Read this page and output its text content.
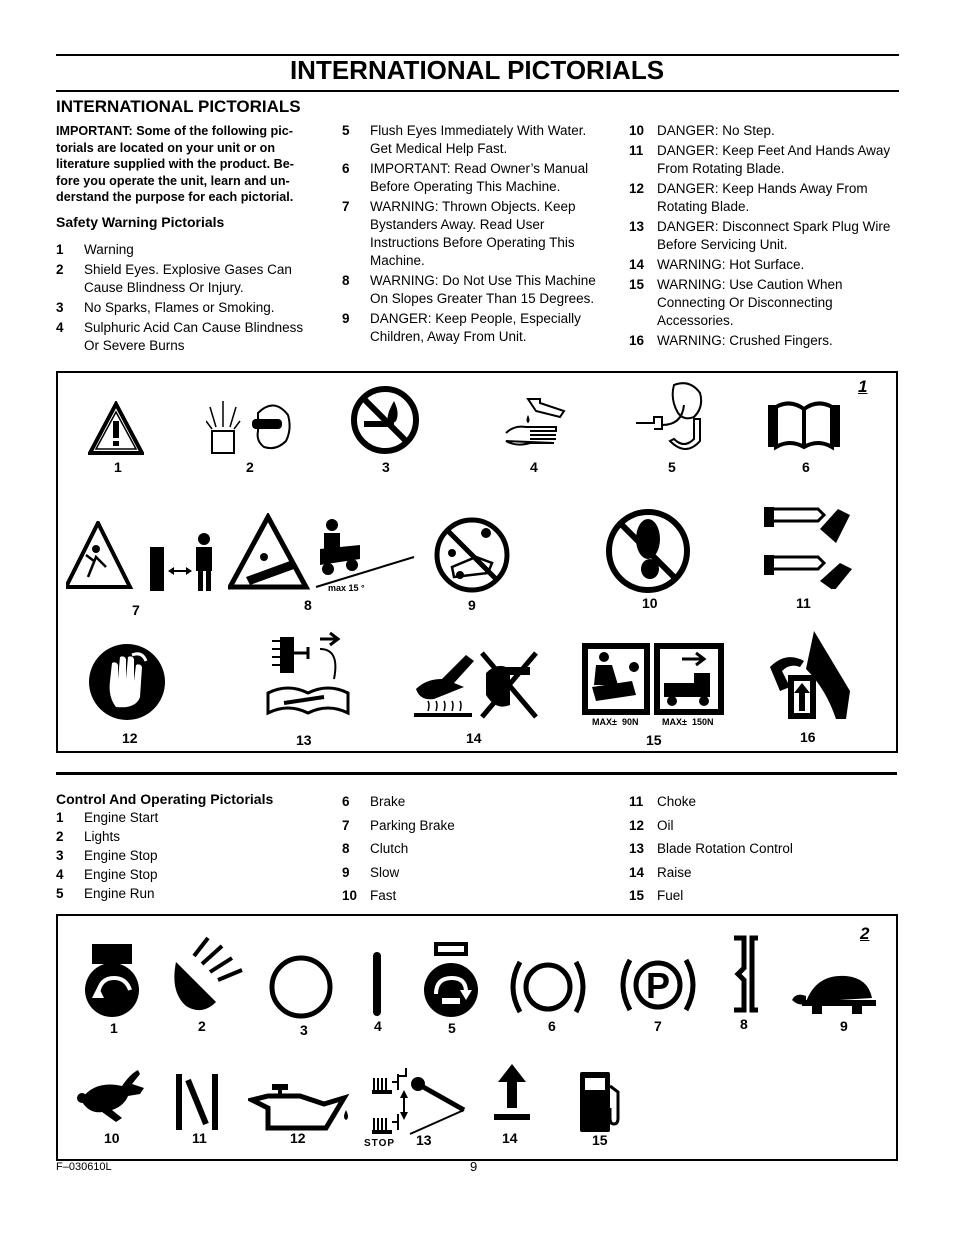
INTERNATIONAL PICTORIALS
INTERNATIONAL PICTORIALS
IMPORTANT: Some of the following pic-
torials are located on your unit or on
literature supplied with the product. Be-
fore you operate the unit, learn and un-
derstand the purpose for each pictorial.
Safety Warning Pictorials
1	Warning
2	Shield Eyes. Explosive Gases Can Cause Blindness Or Injury.
3	No Sparks, Flames or Smoking.
4	Sulphuric Acid Can Cause Blindness Or Severe Burns
5	Flush Eyes Immediately With Water. Get Medical Help Fast.
6	IMPORTANT: Read Owner’s Manual Before Operating This Machine.
7	WARNING: Thrown Objects. Keep Bystanders Away. Read User Instructions Before Operating This Machine.
8	WARNING: Do Not Use This Machine On Slopes Greater Than 15 Degrees.
9	DANGER: Keep People, Especially Children, Away From Unit.
10 DANGER: No Step.
11	DANGER: Keep Feet And Hands Away From Rotating Blade.
12 DANGER: Keep Hands Away From Rotating Blade.
13 DANGER: Disconnect Spark Plug Wire Before Servicing Unit.
14 WARNING: Hot Surface.
15 WARNING: Use Caution When Connecting Or Disconnecting Accessories.
16 WARNING: Crushed Fingers.
1
1	2	3	4	5	6
max 15 °
7	8	9	10	11
MAX± 90N	MAX± 150N
12	13	14	15	16
Control And Operating Pictorials
1	Engine Start
2	Lights
3	Engine Stop
4	Engine Stop
5	Engine Run
6	Brake
7	Parking Brake
8	Clutch
9	Slow
10 Fast
11	Choke
12 Oil
13 Blade Rotation Control
14 Raise
15 Fuel
2
P
1	2	3	4	5	6	7	8	9
STOP
10	11	12	13	14	15
F–030610L	9
